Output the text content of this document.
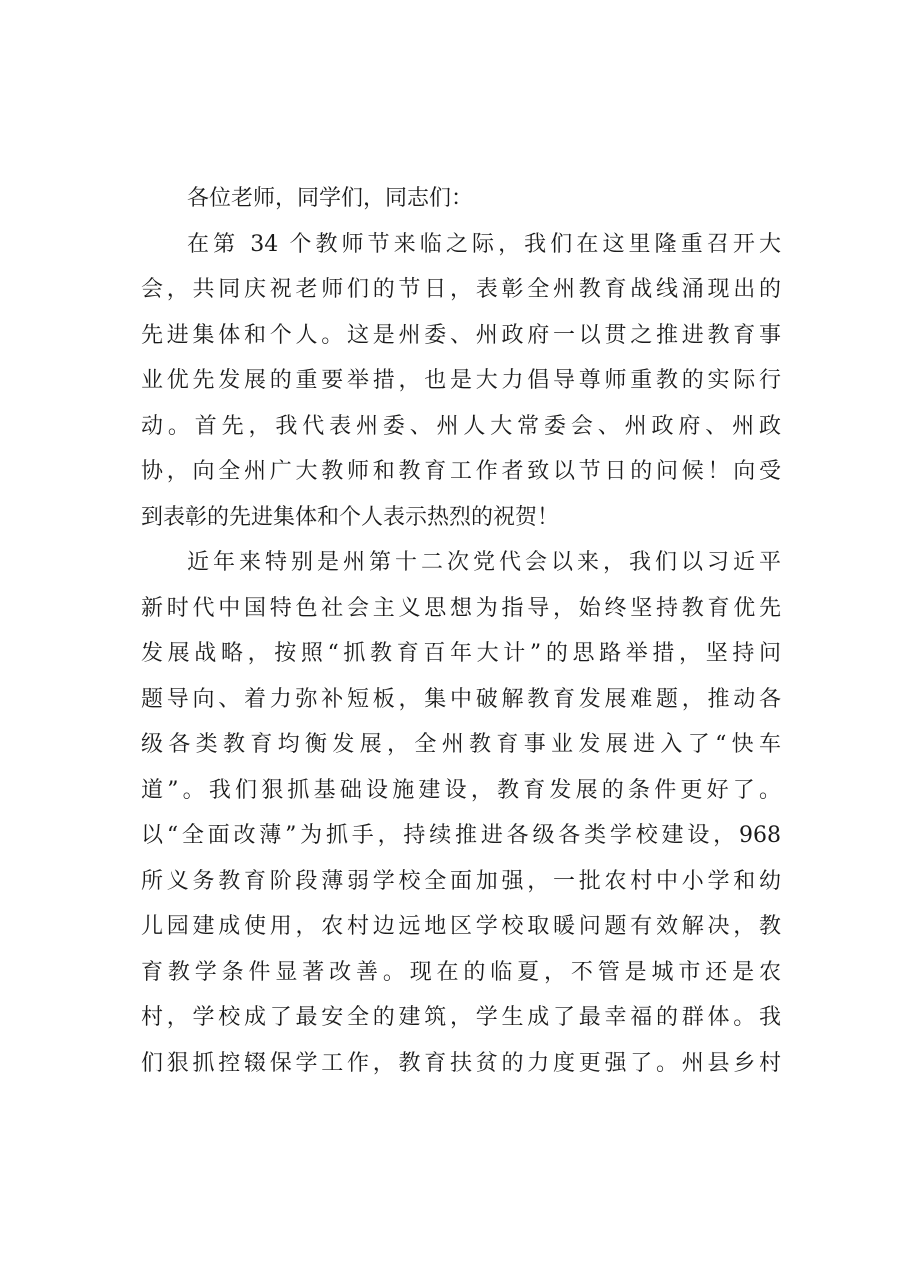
各位老师，同学们，同志们：
在第 34 个教师节来临之际，我们在这里隆重召开大
会，共同庆祝老师们的节日，表彰全州教育战线涌现出的
先进集体和个人。这是州委、州政府一以贯之推进教育事
业优先发展的重要举措，也是大力倡导尊师重教的实际行
动。首先，我代表州委、州人大常委会、州政府、州政
协，向全州广大教师和教育工作者致以节日的问候！向受
到表彰的先进集体和个人表示热烈的祝贺！
近年来特别是州第十二次党代会以来，我们以习近平
新时代中国特色社会主义思想为指导，始终坚持教育优先
发展战略，按照“抓教育百年大计”的思路举措，坚持问
题导向、着力弥补短板，集中破解教育发展难题，推动各
级各类教育均衡发展，全州教育事业发展进入了“快车
道”。我们狠抓基础设施建设，教育发展的条件更好了。
以“全面改薄”为抓手，持续推进各级各类学校建设，968
所义务教育阶段薄弱学校全面加强，一批农村中小学和幼
儿园建成使用，农村边远地区学校取暖问题有效解决，教
育教学条件显著改善。现在的临夏，不管是城市还是农
村，学校成了最安全的建筑，学生成了最幸福的群体。我
们狠抓控辍保学工作，教育扶贫的力度更强了。州县乡村
